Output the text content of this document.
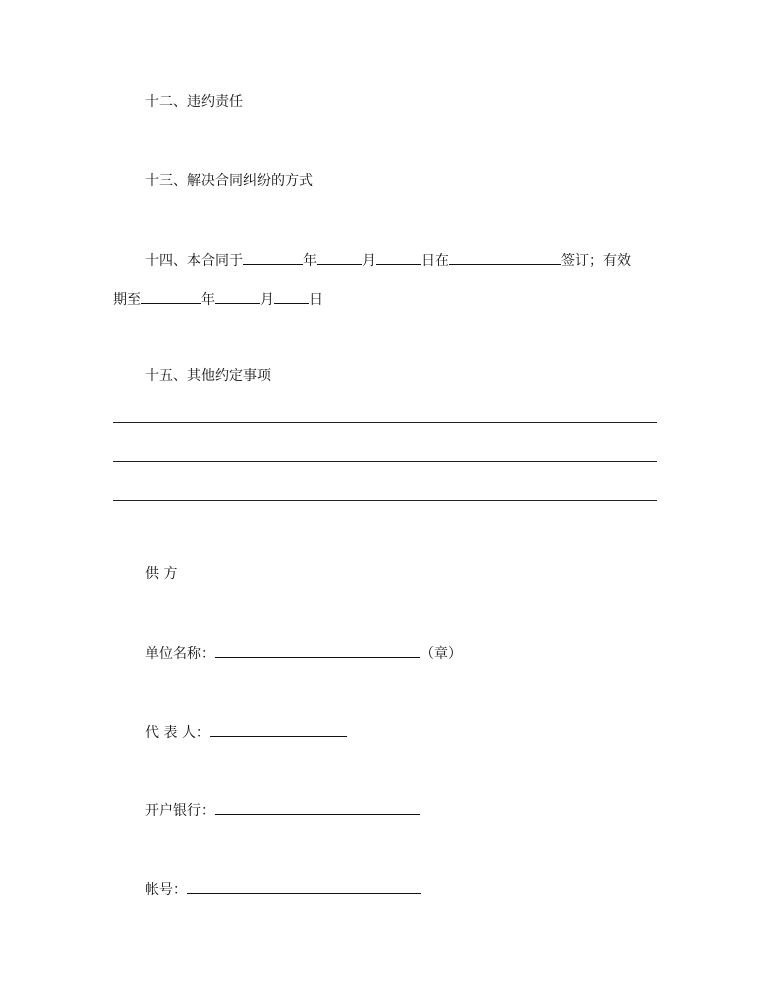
十二、违约责任
十三、解决合同纠纷的方式
十四、本合同于	年	月	日在	签订；有效
期至	年	月	日
十五、其他约定事项
供 方
单位名称：	（章）
代 表 人：
开户银行：
帐号：
